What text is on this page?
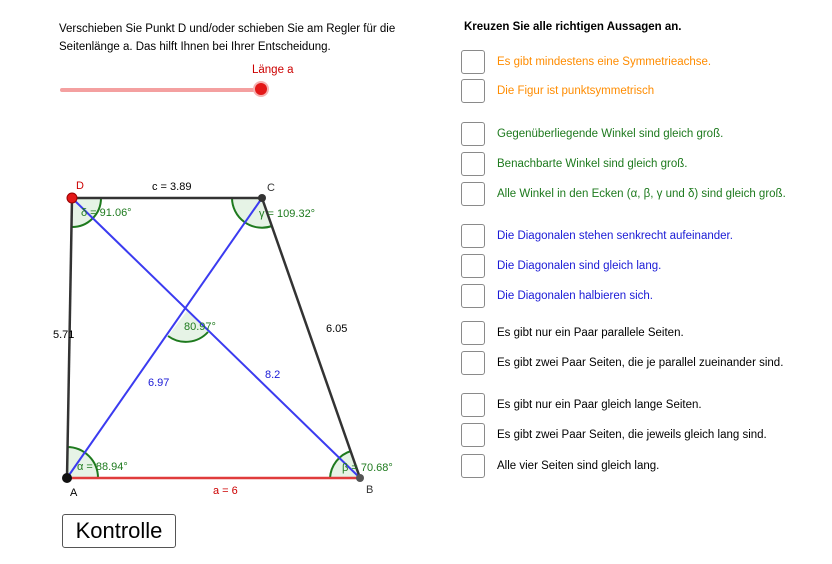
Verschieben Sie Punkt D und/oder schieben Sie am Regler für die Seitenlänge a. Das hilft Ihnen bei Ihrer Entscheidung.
Länge a
A	B
C
D
a = 6
6.05
c = 3.89
5.71
6.97
8.2
α = 88.94°	β = 70.68°
γ = 109.32°
δ = 91.06°
80.97°
Kontrolle
Kreuzen Sie alle richtigen Aussagen an.
Es gibt mindestens eine Symmetrieachse.
Die Figur ist punktsymmetrisch
Gegenüberliegende Winkel sind gleich groß.
Benachbarte Winkel sind gleich groß.
Alle Winkel in den Ecken (α, β, γ und δ) sind gleich groß.
Die Diagonalen stehen senkrecht aufeinander.
Die Diagonalen sind gleich lang.
Die Diagonalen halbieren sich.
Es gibt nur ein Paar parallele Seiten.
Es gibt zwei Paar Seiten, die je parallel zueinander sind.
Es gibt nur ein Paar gleich lange Seiten.
Es gibt zwei Paar Seiten, die jeweils gleich lang sind.
Alle vier Seiten sind gleich lang.
